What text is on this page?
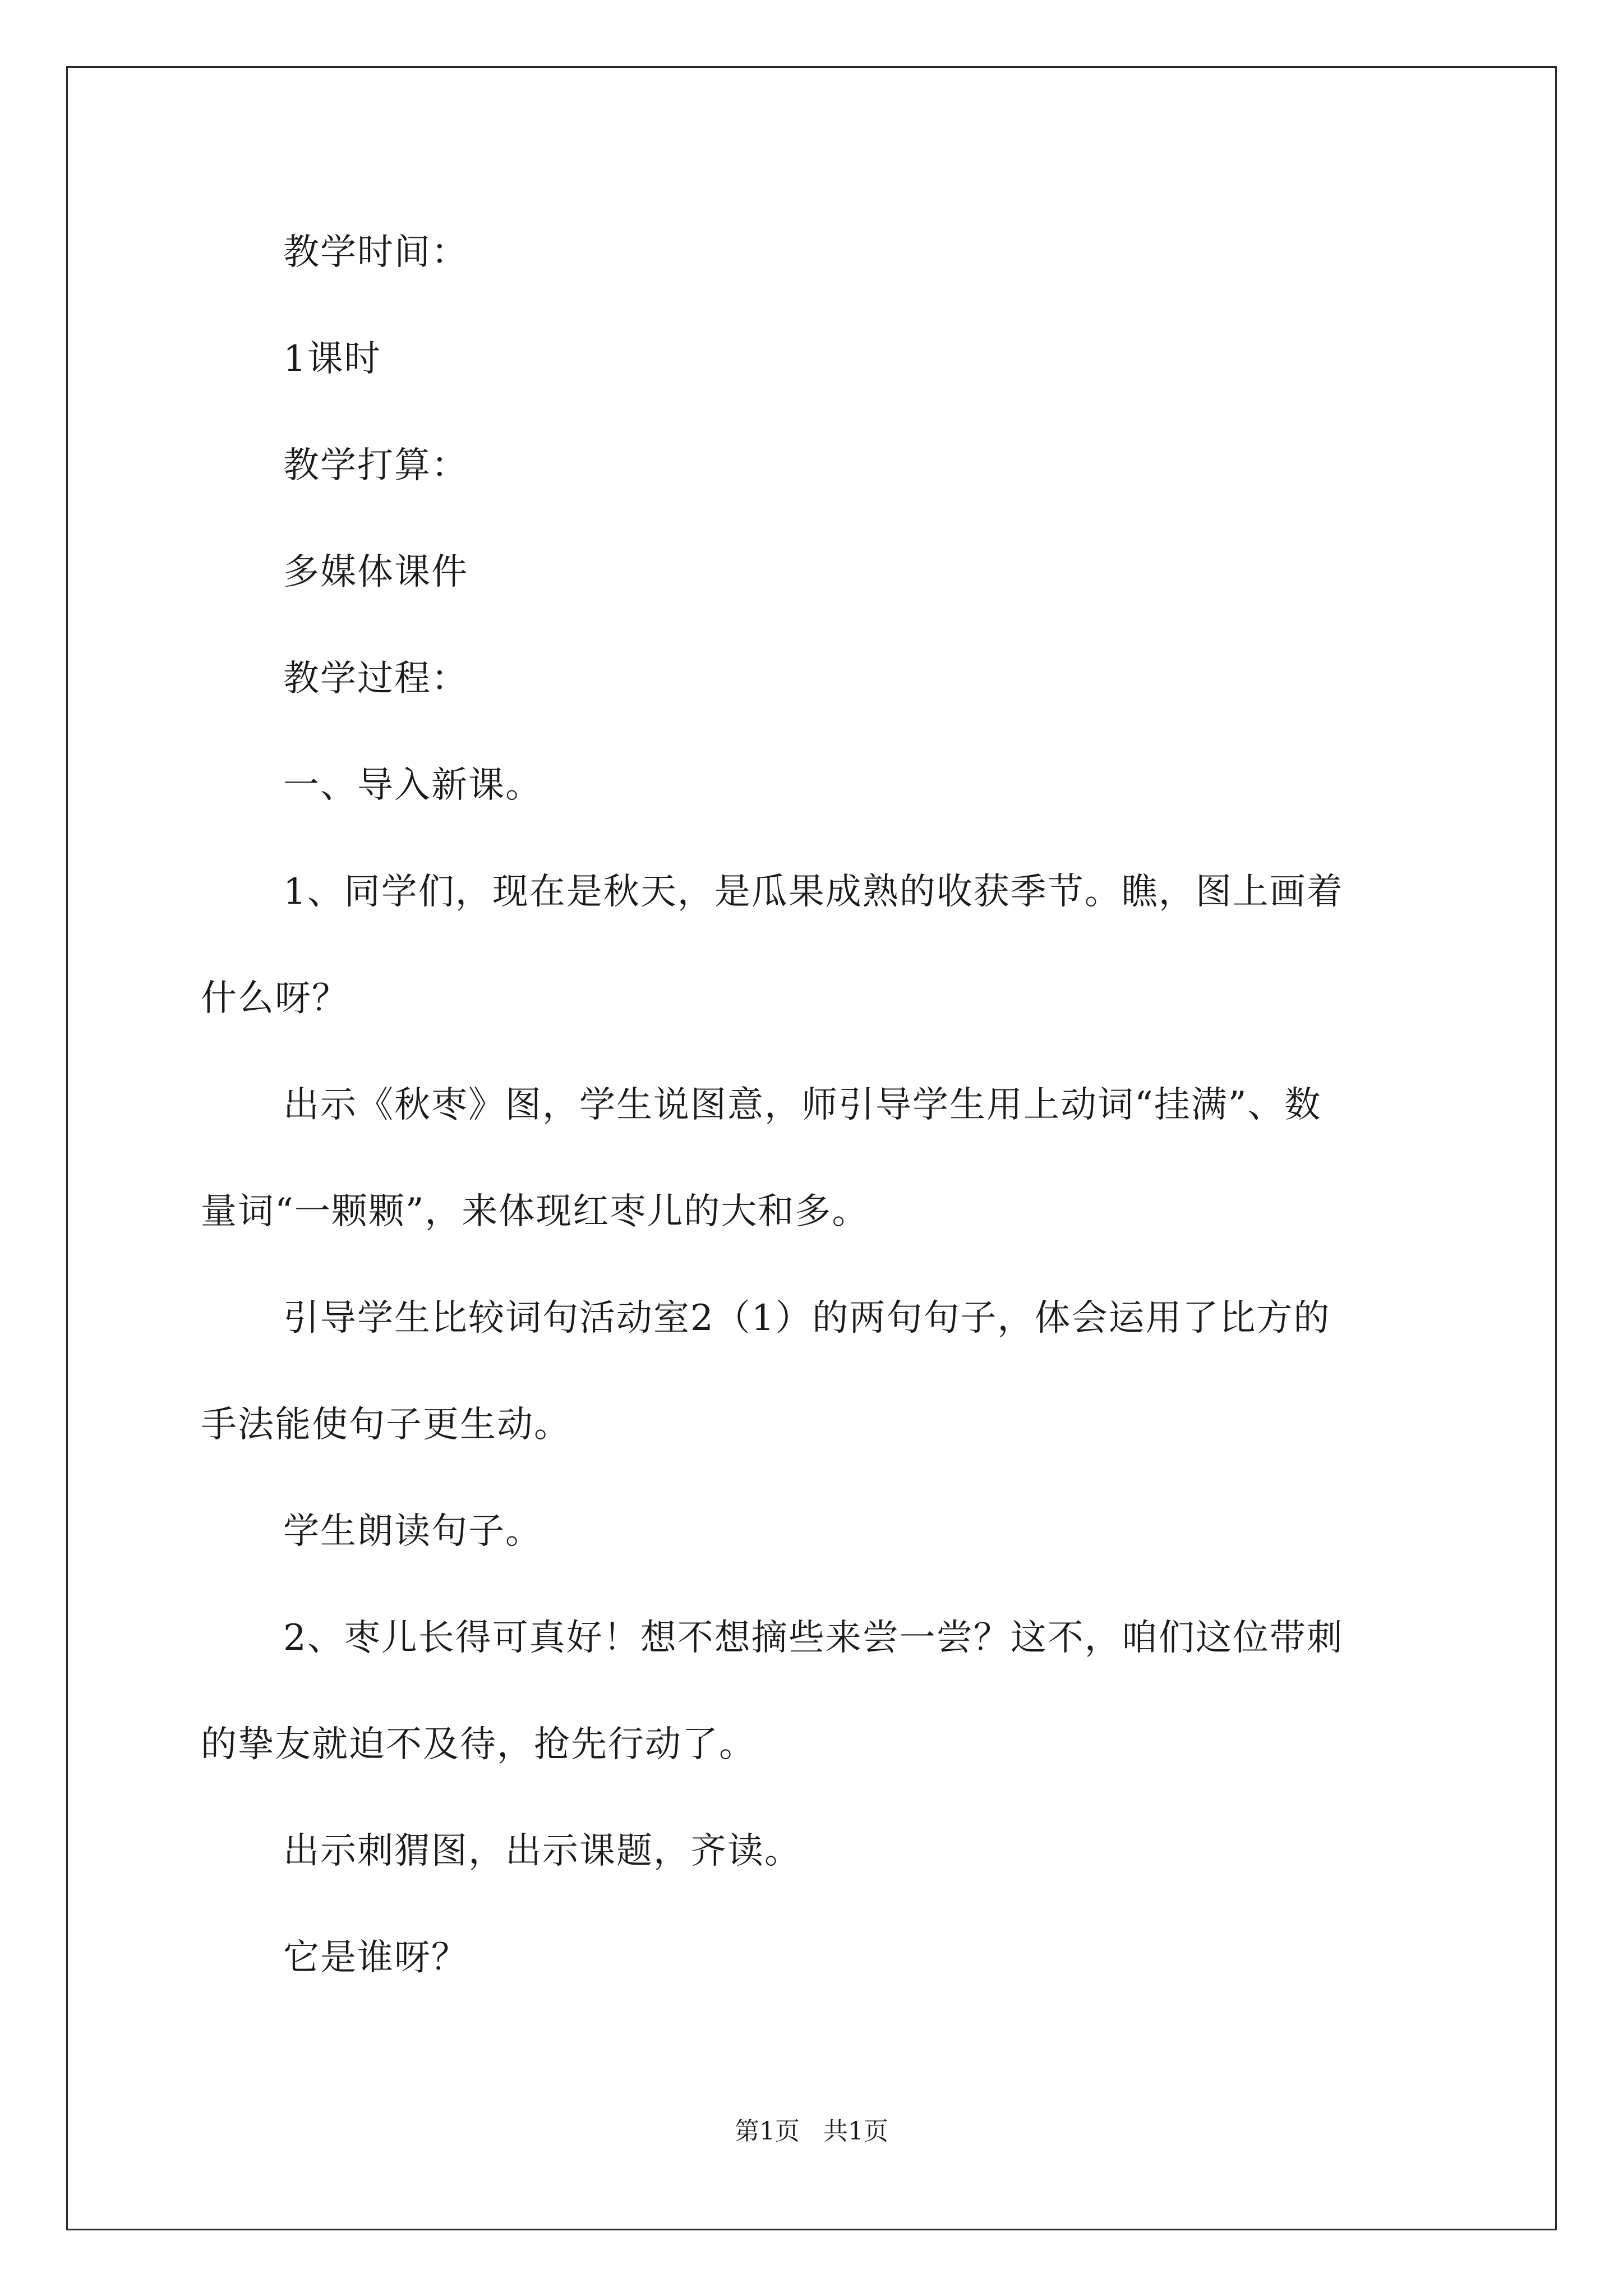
教学时间：
1课时
教学打算：
多媒体课件
教学过程：
一、导入新课。
1、同学们，现在是秋天，是瓜果成熟的收获季节。瞧，图上画着
什么呀？
出示《秋枣》图，学生说图意，师引导学生用上动词“挂满”、数
量词“一颗颗”，来体现红枣儿的大和多。
引导学生比较词句活动室2（1）的两句句子，体会运用了比方的
手法能使句子更生动。
学生朗读句子。
2、枣儿长得可真好！想不想摘些来尝一尝？这不，咱们这位带刺
的挚友就迫不及待，抢先行动了。
出示刺猬图，出示课题，齐读。
它是谁呀？
第1页   共1页
